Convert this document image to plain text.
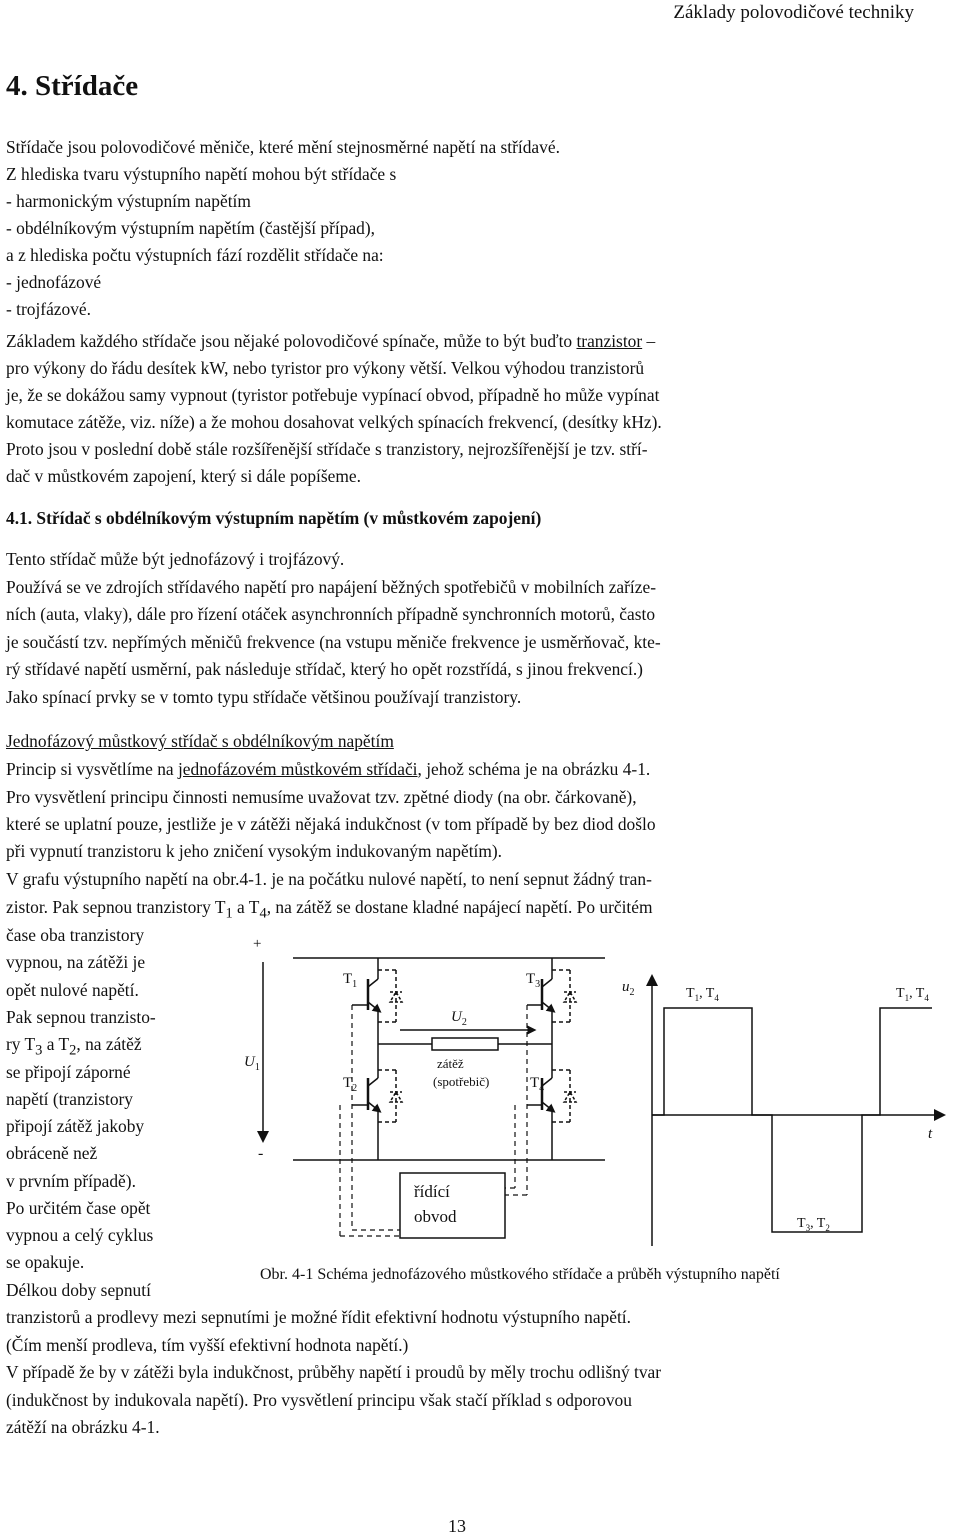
Základy polovodičové techniky
4. Střídače
Střídače jsou polovodičové měniče, které mění stejnosměrné napětí na střídavé.
Z hlediska tvaru výstupního napětí mohou být střídače s
- harmonickým výstupním napětím
- obdélníkovým výstupním napětím (častější případ),
a z hlediska počtu výstupních fází rozdělit střídače na:
- jednofázové
- trojfázové.
Základem každého střídače jsou nějaké polovodičové spínače, může to být buďto tranzistor –
pro výkony do řádu desítek kW, nebo tyristor pro výkony větší. Velkou výhodou tranzistorů
je, že se dokážou samy vypnout (tyristor potřebuje vypínací obvod, případně ho může vypínat
komutace zátěže, viz. níže) a že mohou dosahovat velkých spínacích frekvencí, (desítky kHz).
Proto jsou v poslední době stále rozšířenější střídače s tranzistory, nejrozšířenější je tzv. stří-
dač v můstkovém zapojení, který si dále popíšeme.
4.1. Střídač s obdélníkovým výstupním napětím (v můstkovém zapojení)
Tento střídač může být jednofázový i trojfázový.
Používá se ve zdrojích střídavého napětí pro napájení běžných spotřebičů v mobilních zaříze-
ních (auta, vlaky), dále pro řízení otáček asynchronních případně synchronních motorů, často
je součástí tzv. nepřímých měničů frekvence (na vstupu měniče frekvence je usměrňovač, kte-
rý střídavé napětí usměrní, pak následuje střídač, který ho opět rozstřídá, s jinou frekvencí.)
Jako spínací prvky se v tomto typu střídače většinou používají tranzistory.
Jednofázový můstkový střídač s obdélníkovým napětím
Princip si vysvětlíme na jednofázovém můstkovém střídači, jehož schéma je na obrázku 4-1.
Pro vysvětlení principu činnosti nemusíme uvažovat tzv. zpětné diody (na obr. čárkovaně),
které se uplatní pouze, jestliže je v zátěži nějaká indukčnost (v tom případě by bez diod došlo
při vypnutí tranzistoru k jeho zničení vysokým indukovaným napětím).
V grafu výstupního napětí na obr.4-1. je na počátku nulové napětí, to není sepnut žádný tran-
zistor. Pak sepnou tranzistory $T_1$ a $T_4$, na zátěž se dostane kladné napájecí napětí. Po určitém
čase oba tranzistory
vypnou, na zátěži je
opět nulové napětí.
Pak sepnou tranzisto-
ry $T_3$ a $T_2$, na zátěž
se připojí záporné
napětí (tranzistory
připojí zátěž jakoby
obráceně než
v prvním případě).
Po určitém čase opět
vypnou a celý cyklus
se opakuje.
Délkou doby sepnutí
+
-
$U_1$
$T_1$
$T_2$
$T_3$
$T_4$
$U_2$
zátěž
(spotřebič)
řídící
obvod
$u_2$
t
$T_1$, $T_4$	$T_1$, $T_4$
$T_3$, $T_2$
Obr. 4-1 Schéma jednofázového můstkového střídače a průběh výstupního napětí
tranzistorů a prodlevy mezi sepnutími je možné řídit efektivní hodnotu výstupního napětí.
(Čím menší prodleva, tím vyšší efektivní hodnota napětí.)
V případě že by v zátěži byla indukčnost, průběhy napětí i proudů by měly trochu odlišný tvar
(indukčnost by indukovala napětí). Pro vysvětlení principu však stačí příklad s odporovou
zátěží na obrázku 4-1.
13
